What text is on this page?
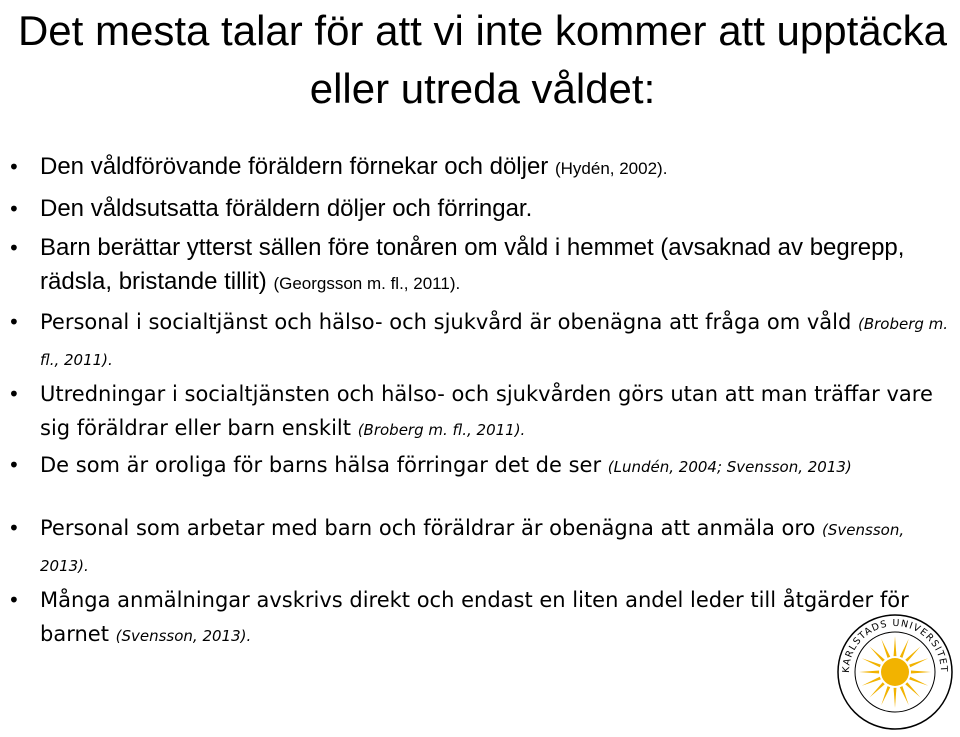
Det mesta talar för att vi inte kommer att upptäcka eller utreda våldet:
• Den våldförövande föräldern förnekar och döljer (Hydén, 2002).
• Den våldsutsatta föräldern döljer och förringar.
• Barn berättar ytterst sällen före tonåren om våld i hemmet (avsaknad av begrepp, rädsla, bristande tillit) (Georgsson m. fl., 2011).
• Personal i socialtjänst och hälso- och sjukvård är obenägna att fråga om våld (Broberg m. fl., 2011).
• Utredningar i socialtjänsten och hälso- och sjukvården görs utan att man träffar vare sig föräldrar eller barn enskilt (Broberg m. fl., 2011).
• De som är oroliga för barns hälsa förringar det de ser (Lundén, 2004; Svensson, 2013)
• Personal som arbetar med barn och föräldrar är obenägna att anmäla oro (Svensson, 2013).
• Många anmälningar avskrivs direkt och endast en liten andel leder till åtgärder för barnet (Svensson, 2013).
KARLSTADS UNIVERSITET
